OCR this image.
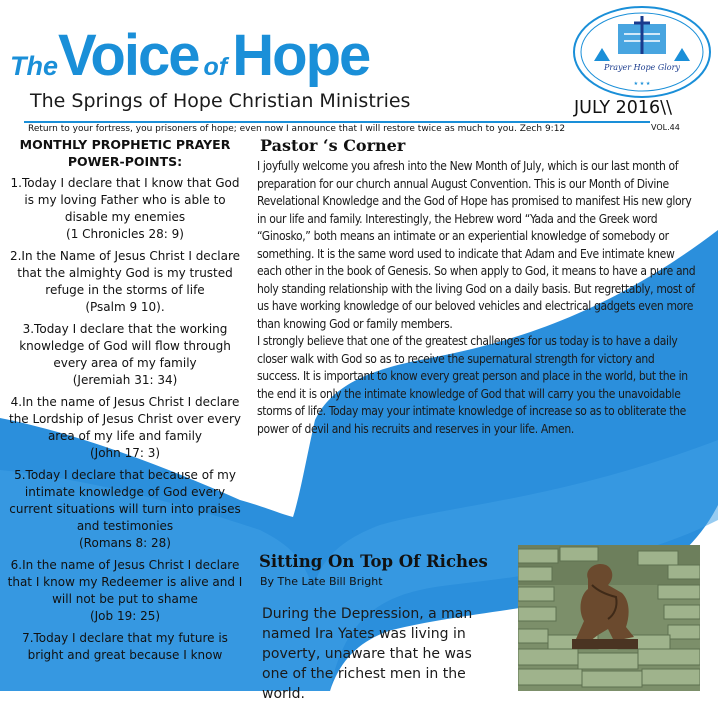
TheVoice of Hope
The Springs of Hope Christian Ministries	JULY 2016\\
VOL.44
Return to your fortress, you prisoners of hope; even now I announce that I will restore twice as much to you. Zech 9:12
Prayer Hope Glory
★ ★ ★
MONTHLY PROPHETIC PRAYER
POWER-POINTS:

1.Today I declare that I know that God is my loving Father who is able to disable my enemies
(1 Chronicles 28: 9)

2.In the Name of Jesus Christ I declare that the almighty God is my trusted refuge in the storms of life
(Psalm 9 10).

3.Today I declare that the working knowledge of God will flow through every area of my family
(Jeremiah 31: 34)

4.In the name of Jesus Christ I declare the Lordship of Jesus Christ over every area of my life and family
(John 17: 3)

5.Today I declare that because of my intimate knowledge of God every current situations will turn into praises and testimonies
(Romans 8: 28)

6.In the name of Jesus Christ I declare that I know my Redeemer is alive and I will not be put to shame
(Job 19: 25)

7.Today I declare that my future is bright and great because I know

Pastor ‘s Corner

I joyfully welcome you afresh into the New Month of July, which is our last month of preparation for our church annual August Convention. This is our Month of Divine Revelational Knowledge and the God of Hope has promised to manifest His new glory in our life and family. Interestingly, the Hebrew word “Yada and the Greek word “Ginosko,” both means an intimate or an experiential knowledge of somebody or something. It is the same word used to indicate that Adam and Eve intimate knew each other in the book of Genesis. So when apply to God, it means to have a pure and holy standing relationship with the living God on a daily basis. But regrettably, most of us have working knowledge of our beloved vehicles and electrical gadgets even more than knowing God or family members.

I strongly believe that one of the greatest challenges for us today is to have a daily closer walk with God so as to receive the supernatural strength for victory and success. It is important to know every great person and place in the world, but the in the end it is only the intimate knowledge of God that will carry you the unavoidable storms of life. Today may your intimate knowledge of increase so as to obliterate the power of devil and his recruits and reserves in your life. Amen.

Sitting On Top Of Riches
By The Late Bill Bright
During the Depression, a man named Ira Yates was living in poverty, unaware that he was one of the richest men in the world.
